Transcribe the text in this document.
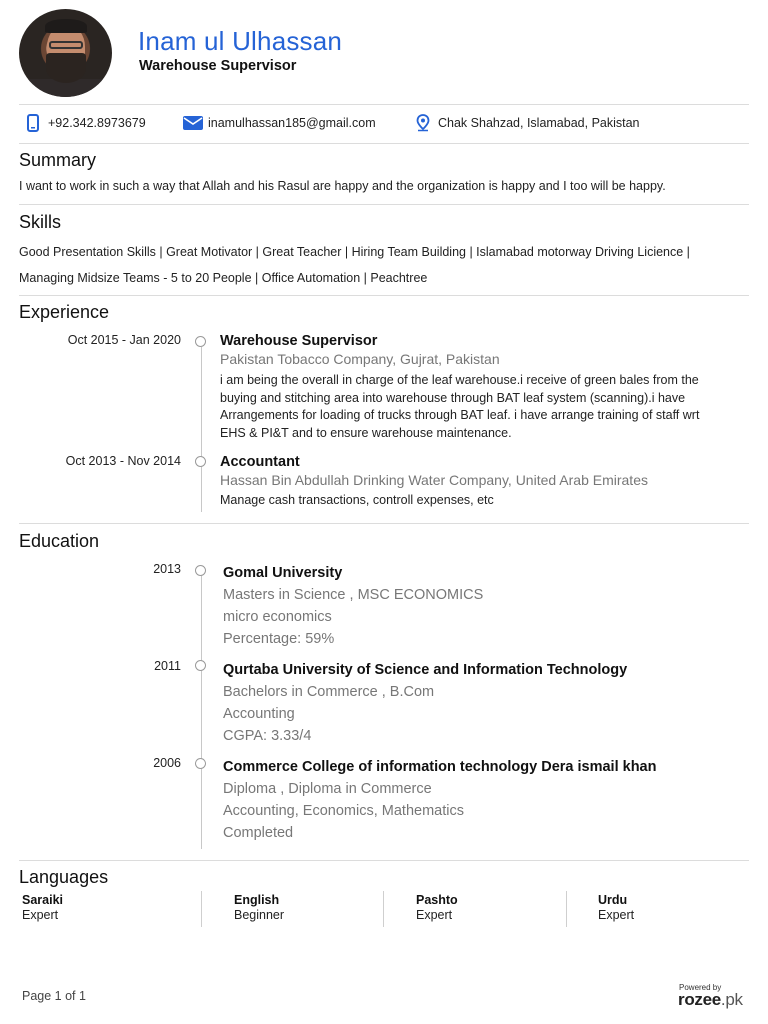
Inam ul Ulhassan
Warehouse Supervisor
+92.342.8973679	inamulhassan185@gmail.com	Chak Shahzad, Islamabad, Pakistan
Summary
I want to work in such a way that Allah and his Rasul are happy and the organization is happy and I too will be happy.
Skills
Good Presentation Skills | Great Motivator | Great Teacher | Hiring Team Building | Islamabad motorway Driving Licience |
Managing Midsize Teams - 5 to 20 People | Office Automation | Peachtree
Experience
Oct 2015 - Jan 2020	Warehouse Supervisor
Pakistan Tobacco Company, Gujrat, Pakistan
i am being the overall in charge of the leaf warehouse.i receive of green bales from the
buying and stitching area into warehouse through BAT leaf system (scanning).i have
Arrangements for loading of trucks through BAT leaf. i have arrange training of staff wrt
EHS & PI&T and to ensure warehouse maintenance.
Oct 2013 - Nov 2014	Accountant
Hassan Bin Abdullah Drinking Water Company, United Arab Emirates
Manage cash transactions, controll expenses, etc
Education
2013	Gomal University
Masters in Science , MSC ECONOMICS
micro economics
Percentage: 59%
2011	Qurtaba University of Science and Information Technology
Bachelors in Commerce , B.Com
Accounting
CGPA: 3.33/4
2006	Commerce College of information technology Dera ismail khan
Diploma , Diploma in Commerce
Accounting, Economics, Mathematics
Completed
Languages
Saraiki
Expert
English
Beginner
Pashto
Expert
Urdu
Expert
Page 1 of 1
Powered by
rozee.pk
